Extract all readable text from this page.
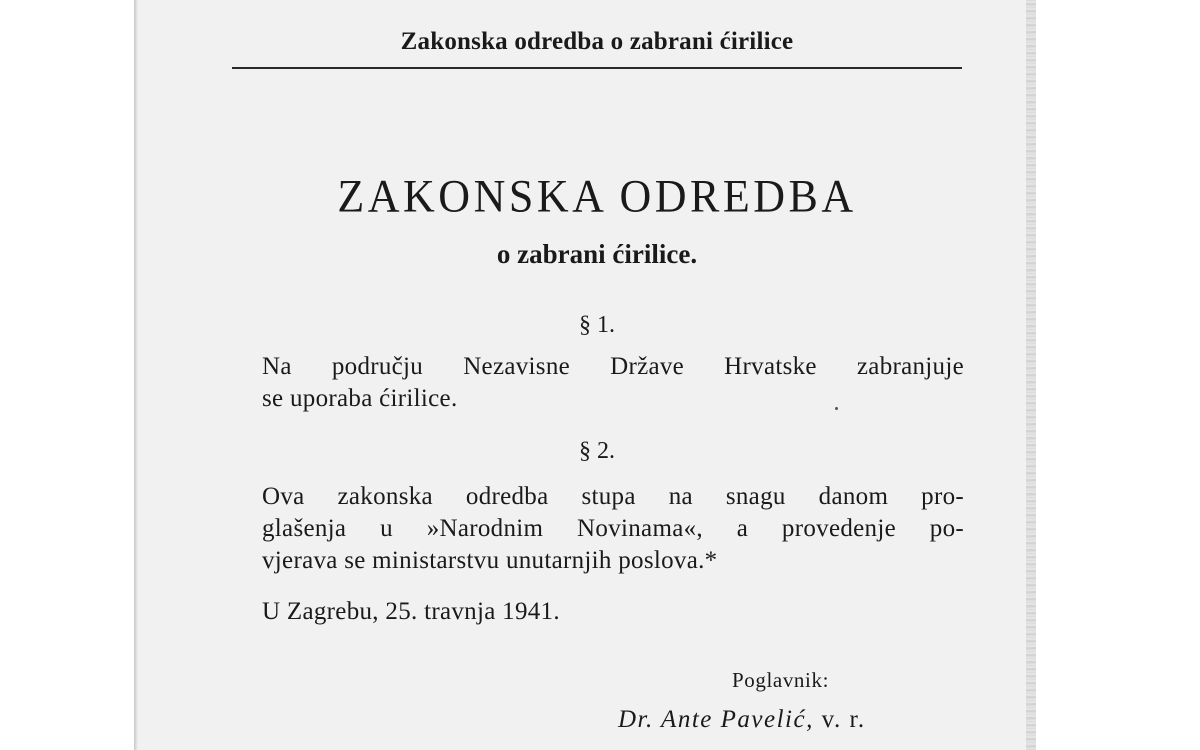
Zakonska odredba o zabrani ćirilice
ZAKONSKA ODREDBA
o zabrani ćirilice.
§ 1.
Na području Nezavisne Države Hrvatske zabranjuje
se uporaba ćirilice.
§ 2.
Ova zakonska odredba stupa na snagu danom pro-
glašenja u »Narodnim Novinama«, a provedenje po-
vjerava se ministarstvu unutarnjih poslova.*
U Zagrebu, 25. travnja 1941.
Poglavnik:
Dr. Ante Pavelić, v. r.
